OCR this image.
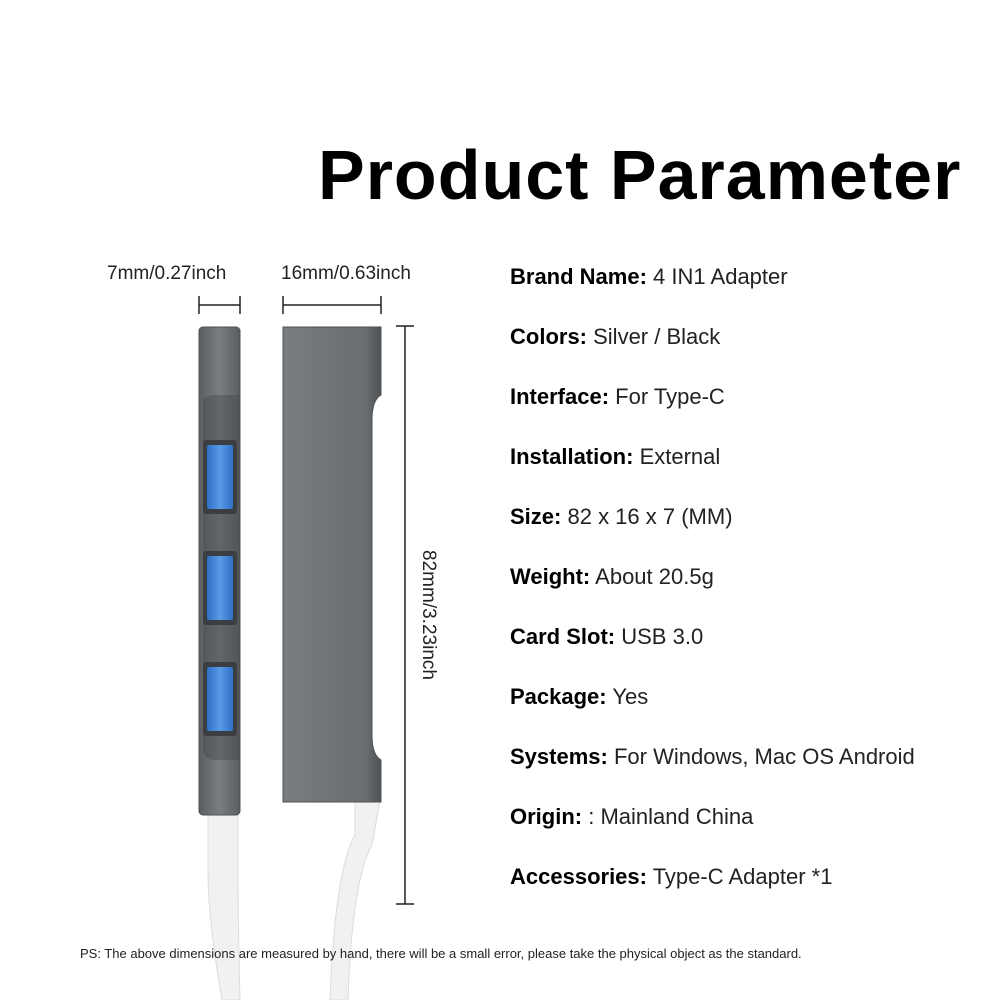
Product Parameter
7mm/0.27inch	16mm/0.63inch
82mm/3.23inch
Brand Name: 4 IN1 Adapter
Colors: Silver / Black
Interface: For Type-C
Installation: External
Size: 82 x 16 x 7 (MM)
Weight: About 20.5g
Card Slot: USB 3.0
Package: Yes
Systems: For Windows, Mac OS Android
Origin: : Mainland China
Accessories: Type-C Adapter *1
PS: The above dimensions are measured by hand, there will be a small error, please take the physical object as the standard.
